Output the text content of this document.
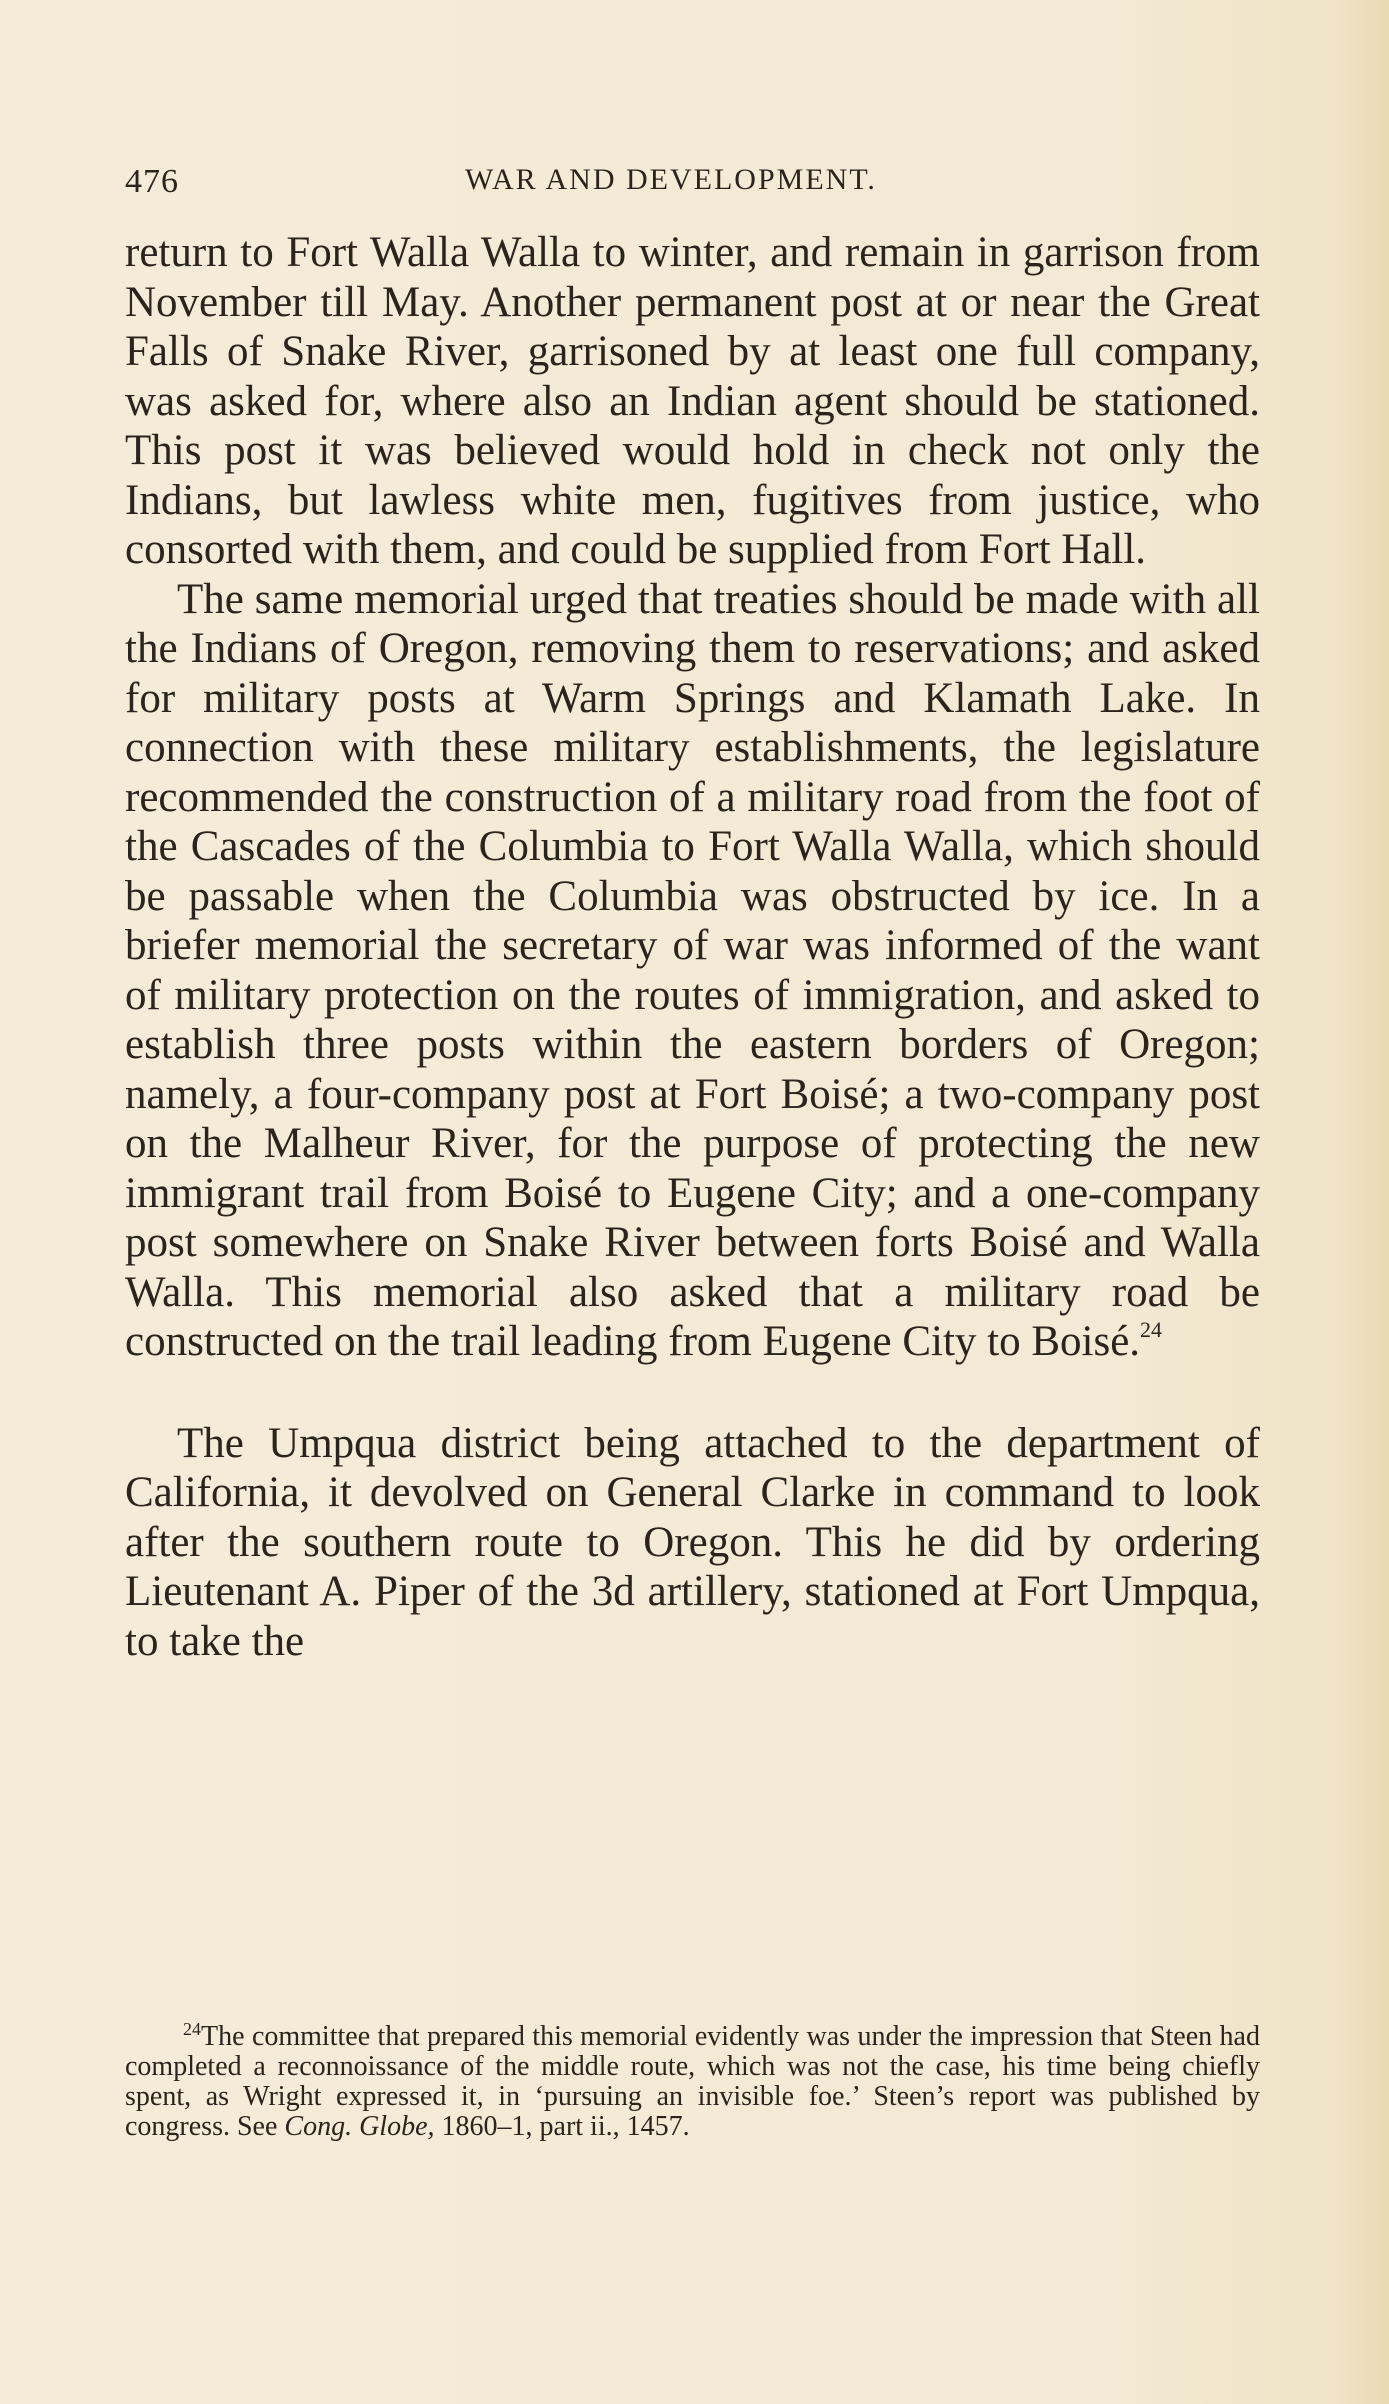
476	WAR AND DEVELOPMENT.

return to Fort Walla Walla to winter, and remain in garrison from November till May. Another permanent post at or near the Great Falls of Snake River, garrisoned by at least one full company, was asked for, where also an Indian agent should be stationed. This post it was believed would hold in check not only the Indians, but lawless white men, fugitives from justice, who consorted with them, and could be supplied from Fort Hall.

The same memorial urged that treaties should be made with all the Indians of Oregon, removing them to reservations; and asked for military posts at Warm Springs and Klamath Lake. In connection with these military establishments, the legislature recommended the construction of a military road from the foot of the Cascades of the Columbia to Fort Walla Walla, which should be passable when the Columbia was obstructed by ice. In a briefer memorial the secretary of war was informed of the want of military protection on the routes of immigration, and asked to establish three posts within the eastern borders of Oregon; namely, a four-company post at Fort Boisé; a two-company post on the Malheur River, for the purpose of protecting the new immigrant trail from Boisé to Eugene City; and a one-company post somewhere on Snake River between forts Boisé and Walla Walla. This memorial also asked that a military road be constructed on the trail leading from Eugene City to Boisé.$^{24}$

The Umpqua district being attached to the department of California, it devolved on General Clarke in command to look after the southern route to Oregon. This he did by ordering Lieutenant A. Piper of the 3d artillery, stationed at Fort Umpqua, to take the

$^{24}$The committee that prepared this memorial evidently was under the impression that Steen had completed a reconnoissance of the middle route, which was not the case, his time being chiefly spent, as Wright expressed it, in ‘pursuing an invisible foe.’ Steen’s report was published by congress. See Cong. Globe, 1860–1, part ii., 1457.
